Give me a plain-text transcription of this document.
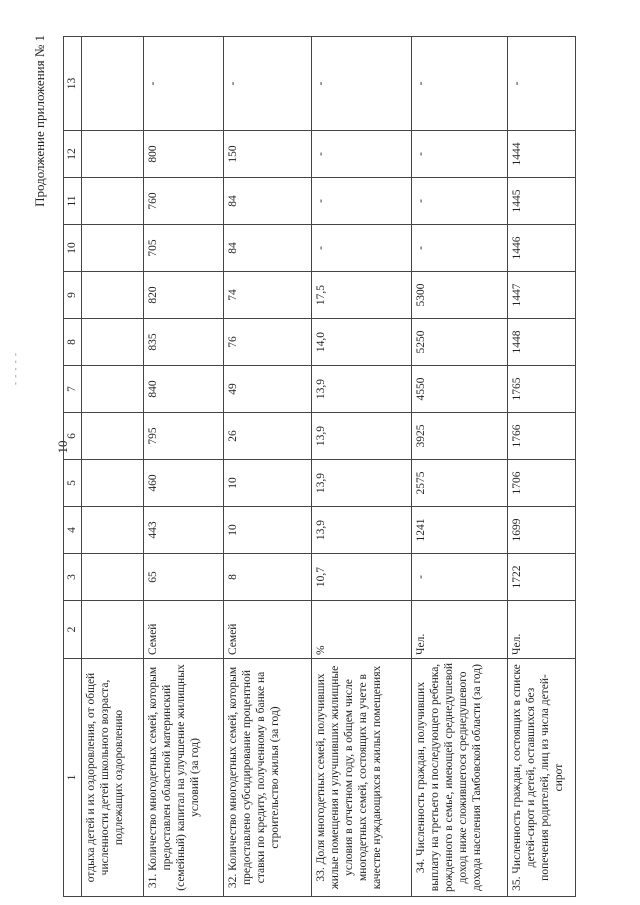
- - - - -
10
Продолжение приложения № 1
1	2	3	4	5	6	7	8	9	10	11	12	13
отдыха детей и их оздоровления, от общей численности детей школьного возраста, подлежащих оздоровлению												
31. Количество многодетных семей, которым предоставлен областной материнский (семейный) капитал на улучшение жилищных условий (за год)	Семей	65	443	460	795	840	835	820	705	760	800	-
32. Количество многодетных семей, которым предоставлено субсидирование процентной ставки по кредиту, полученному в банке на строительство жилья (за год)	Семей	8	10	10	26	49	76	74	84	84	150	-
33. Доля многодетных семей, получивших жилые помещения и улучшивших жилищные условия в отчетном году, в общем числе многодетных семей, состоящих на учете в качестве нуждающихся в жилых помещениях	%	10,7	13,9	13,9	13,9	13,9	14,0	17,5	-	-	-	-
34. Численность граждан, получивших выплату на третьего и последующего ребенка, рожденного в семье, имеющей среднедушевой доход ниже сложившегося среднедушевого дохода населения Тамбовской области (за год)	Чел.	-	1241	2575	3925	4550	5250	5300	-	-	-	-
35. Численность граждан, состоящих в списке детей-сирот и детей, оставшихся без попечения родителей, лиц из числа детей-сирот	Чел.	1722	1699	1706	1766	1765	1448	1447	1446	1445	1444	-
